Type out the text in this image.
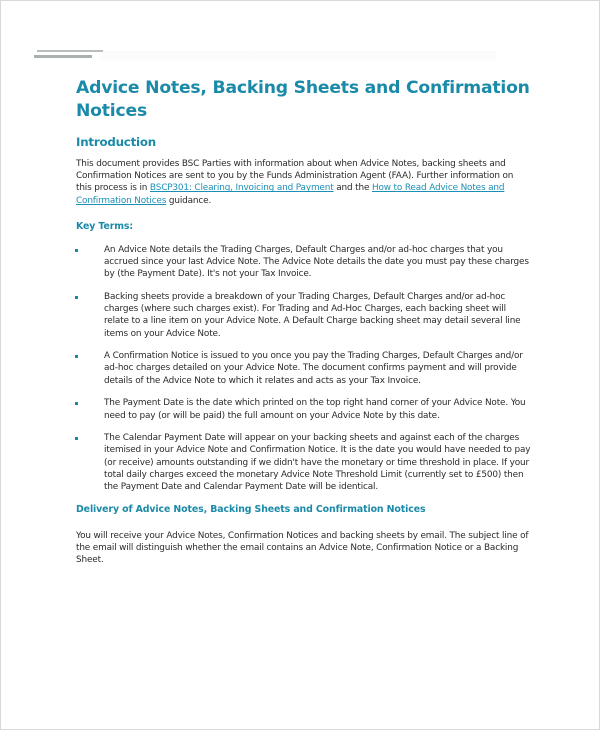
Advice Notes, Backing Sheets and Confirmation
Notices
Introduction

This document provides BSC Parties with information about when Advice Notes, backing sheets and Confirmation Notices are sent to you by the Funds Administration Agent (FAA). Further information on this process is in BSCP301: Clearing, Invoicing and Payment and the How to Read Advice Notes and Confirmation Notices guidance.

Key Terms:

An Advice Note details the Trading Charges, Default Charges and/or ad-hoc charges that you accrued since your last Advice Note. The Advice Note details the date you must pay these charges by (the Payment Date). It's not your Tax Invoice.

Backing sheets provide a breakdown of your Trading Charges, Default Charges and/or ad-hoc charges (where such charges exist). For Trading and Ad-Hoc Charges, each backing sheet will relate to a line item on your Advice Note. A Default Charge backing sheet may detail several line items on your Advice Note.

A Confirmation Notice is issued to you once you pay the Trading Charges, Default Charges and/or ad-hoc charges detailed on your Advice Note. The document confirms payment and will provide details of the Advice Note to which it relates and acts as your Tax Invoice.

The Payment Date is the date which printed on the top right hand corner of your Advice Note. You need to pay (or will be paid) the full amount on your Advice Note by this date.

The Calendar Payment Date will appear on your backing sheets and against each of the charges itemised in your Advice Note and Confirmation Notice. It is the date you would have needed to pay (or receive) amounts outstanding if we didn't have the monetary or time threshold in place. If your total daily charges exceed the monetary Advice Note Threshold Limit (currently set to £500) then the Payment Date and Calendar Payment Date will be identical.

Delivery of Advice Notes, Backing Sheets and Confirmation Notices

You will receive your Advice Notes, Confirmation Notices and backing sheets by email. The subject line of the email will distinguish whether the email contains an Advice Note, Confirmation Notice or a Backing Sheet.
